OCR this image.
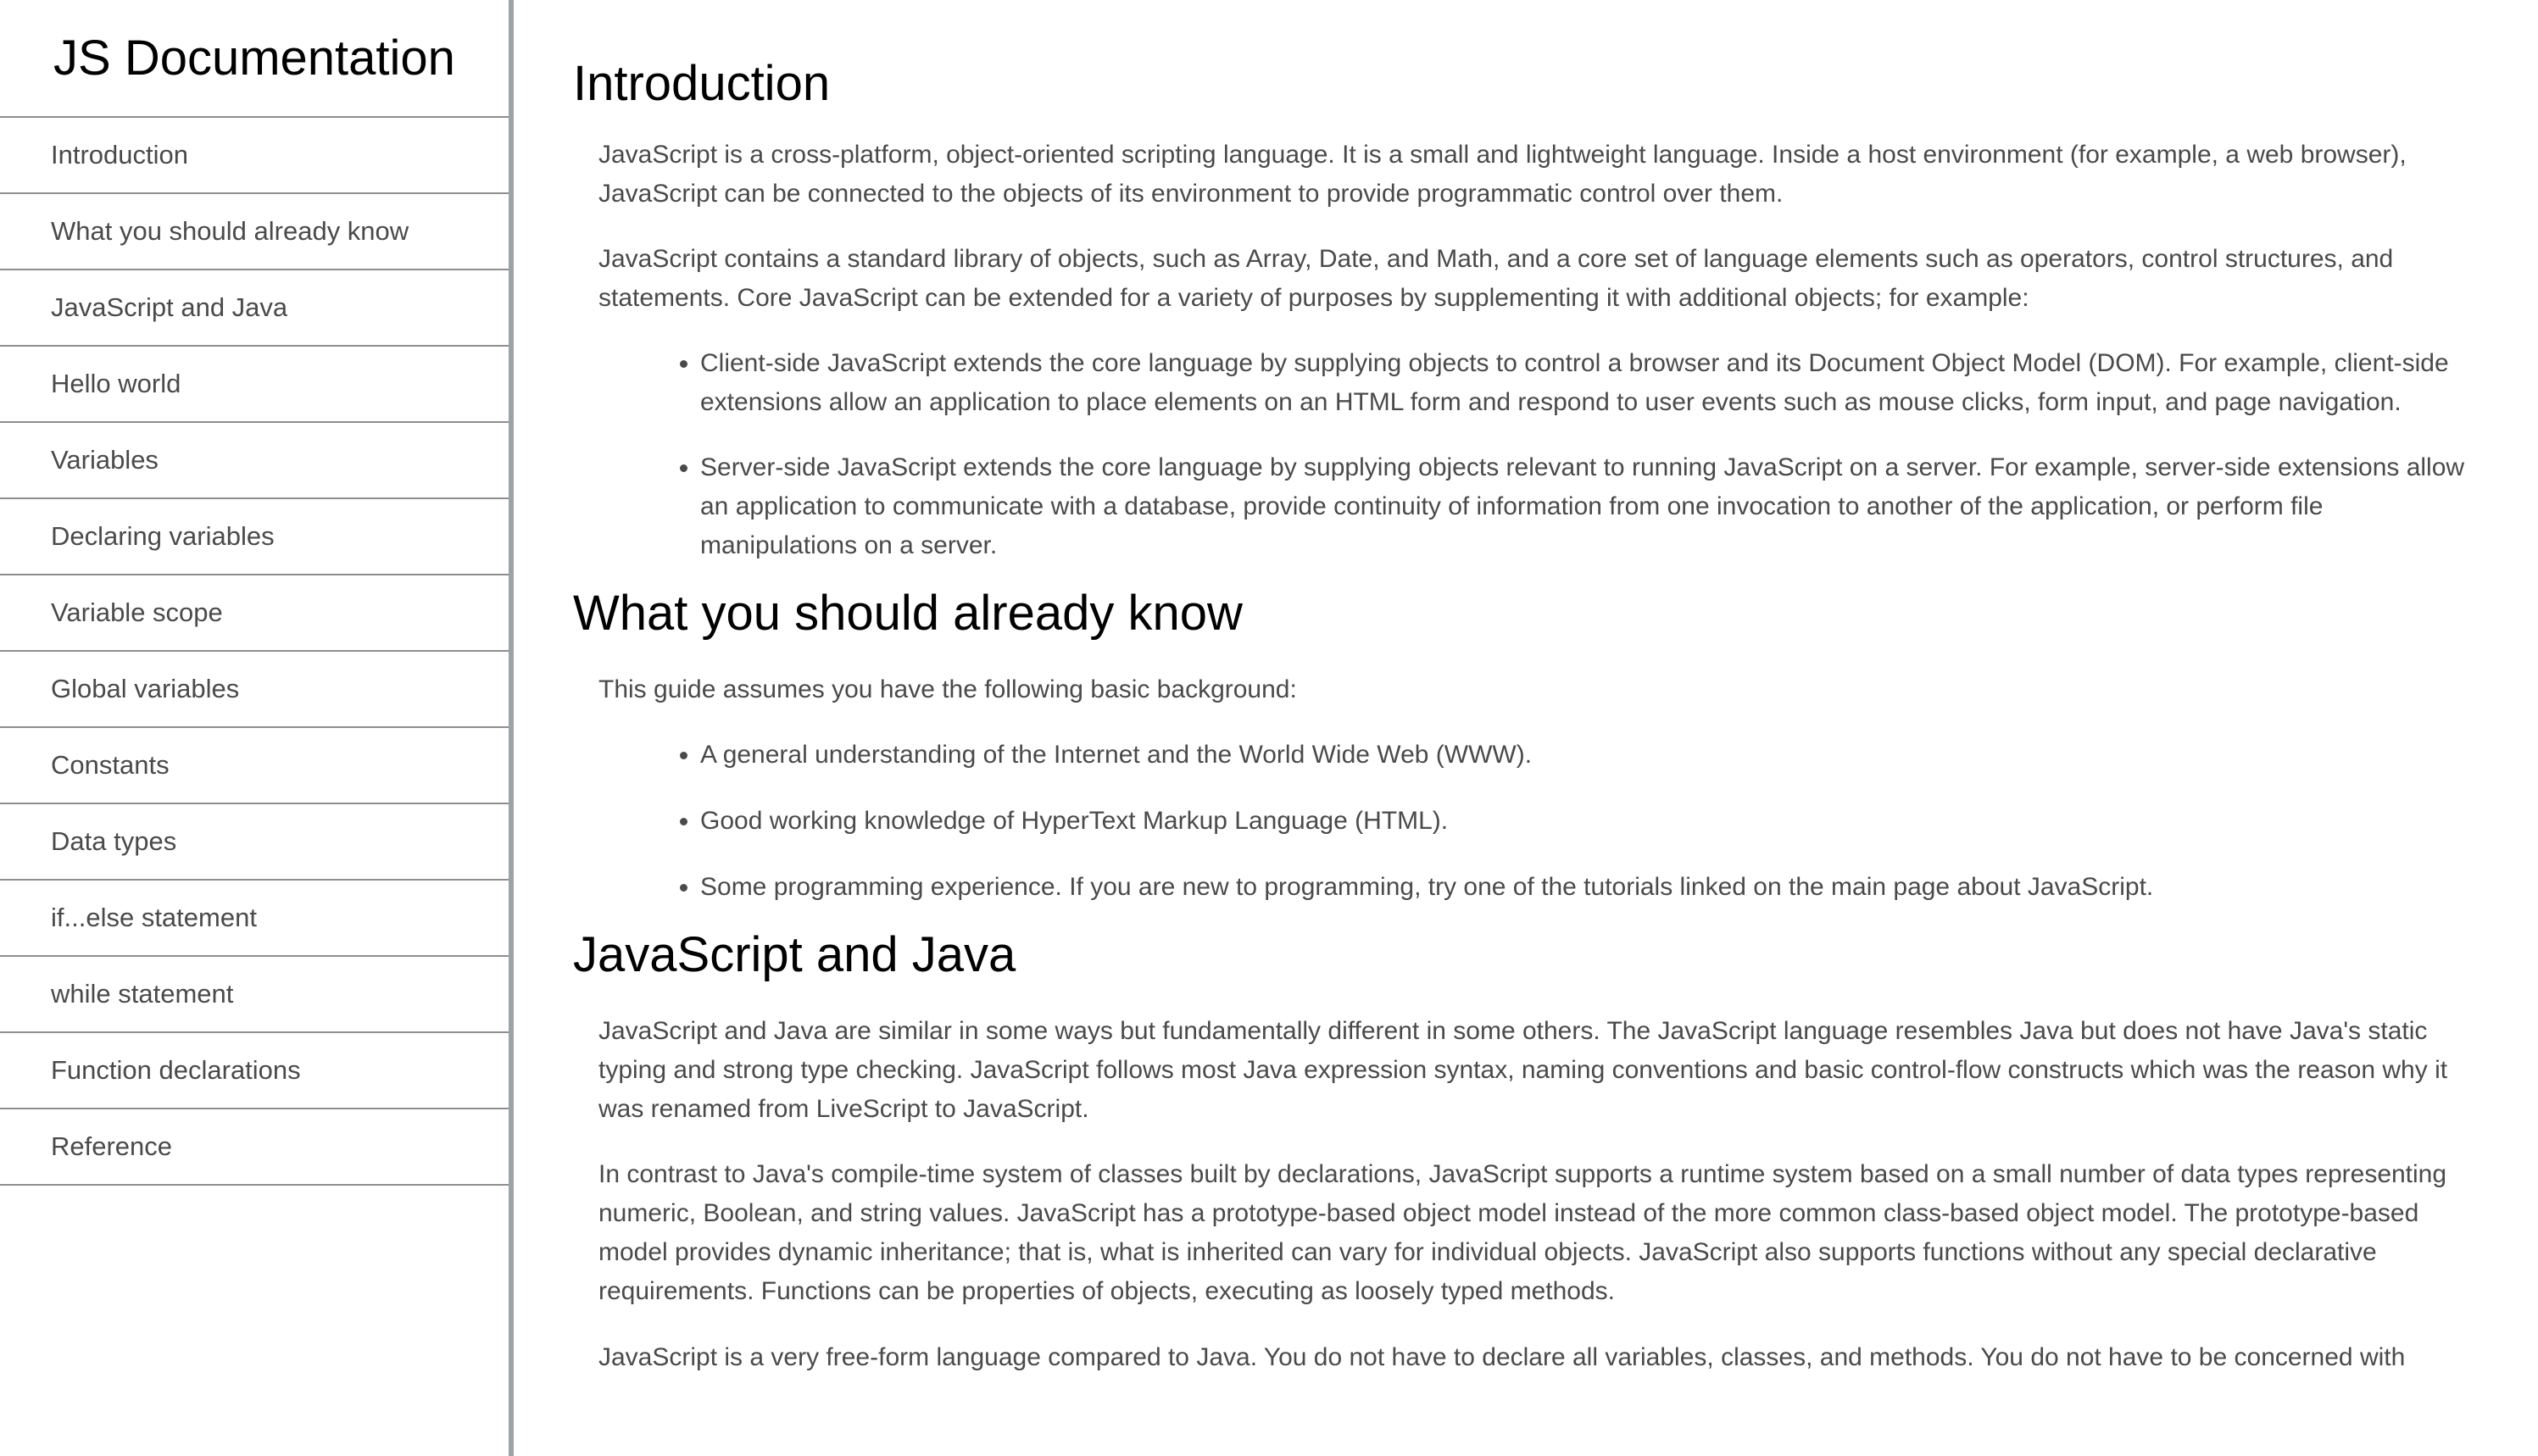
JS Documentation
Introduction
What you should already know
JavaScript and Java
Hello world
Variables
Declaring variables
Variable scope
Global variables
Constants
Data types
if...else statement
while statement
Function declarations
Reference
Introduction

JavaScript is a cross-platform, object-oriented scripting language. It is a small and lightweight language. Inside a host environment (for example, a web browser), JavaScript can be connected to the objects of its environment to provide programmatic control over them.

JavaScript contains a standard library of objects, such as Array, Date, and Math, and a core set of language elements such as operators, control structures, and statements. Core JavaScript can be extended for a variety of purposes by supplementing it with additional objects; for example:

• Client-side JavaScript extends the core language by supplying objects to control a browser and its Document Object Model (DOM). For example, client-side extensions allow an application to place elements on an HTML form and respond to user events such as mouse clicks, form input, and page navigation.
• Server-side JavaScript extends the core language by supplying objects relevant to running JavaScript on a server. For example, server-side extensions allow an application to communicate with a database, provide continuity of information from one invocation to another of the application, or perform file manipulations on a server.
What you should already know

This guide assumes you have the following basic background:

• A general understanding of the Internet and the World Wide Web (WWW).
• Good working knowledge of HyperText Markup Language (HTML).
• Some programming experience. If you are new to programming, try one of the tutorials linked on the main page about JavaScript.
JavaScript and Java

JavaScript and Java are similar in some ways but fundamentally different in some others. The JavaScript language resembles Java but does not have Java's static typing and strong type checking. JavaScript follows most Java expression syntax, naming conventions and basic control-flow constructs which was the reason why it was renamed from LiveScript to JavaScript.

In contrast to Java's compile-time system of classes built by declarations, JavaScript supports a runtime system based on a small number of data types representing numeric, Boolean, and string values. JavaScript has a prototype-based object model instead of the more common class-based object model. The prototype-based model provides dynamic inheritance; that is, what is inherited can vary for individual objects. JavaScript also supports functions without any special declarative requirements. Functions can be properties of objects, executing as loosely typed methods.

JavaScript is a very free-form language compared to Java. You do not have to declare all variables, classes, and methods. You do not have to be concerned with
